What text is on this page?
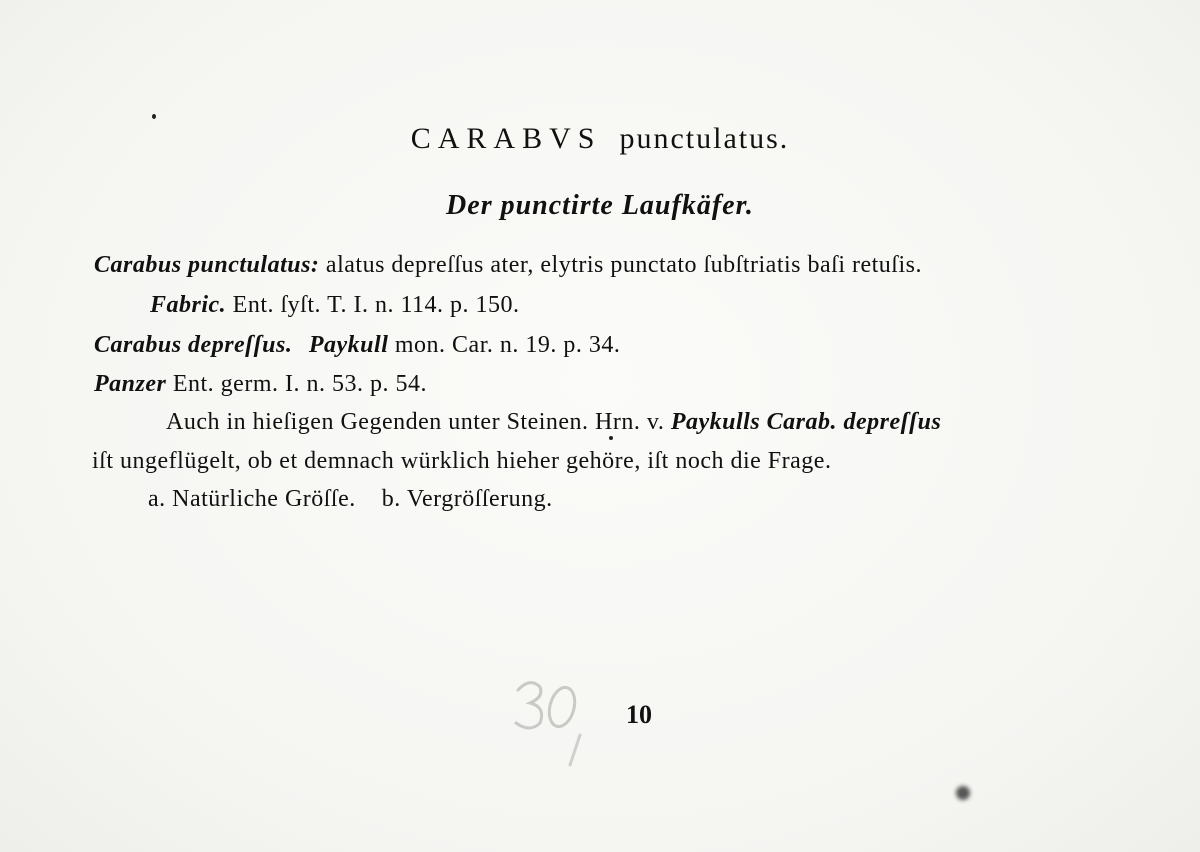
CARABVS punctulatus.
Der punctirte Laufkäfer.
Carabus punctulatus: alatus depreſſus ater, elytris punctato ſubſtriatis baſi retuſis.
Fabric. Ent. ſyſt. T. I. n. 114. p. 150.
Carabus depreſſus. Paykull mon. Car. n. 19. p. 34.
Panzer Ent. germ. I. n. 53. p. 54.
Auch in hieſigen Gegenden unter Steinen. Hrn. v. Paykulls Carab. depreſſus
iſt ungeflügelt, ob et demnach würklich hieher gehöre, iſt noch die Frage.
a. Natürliche Gröſſe.    b. Vergröſſerung.
10
